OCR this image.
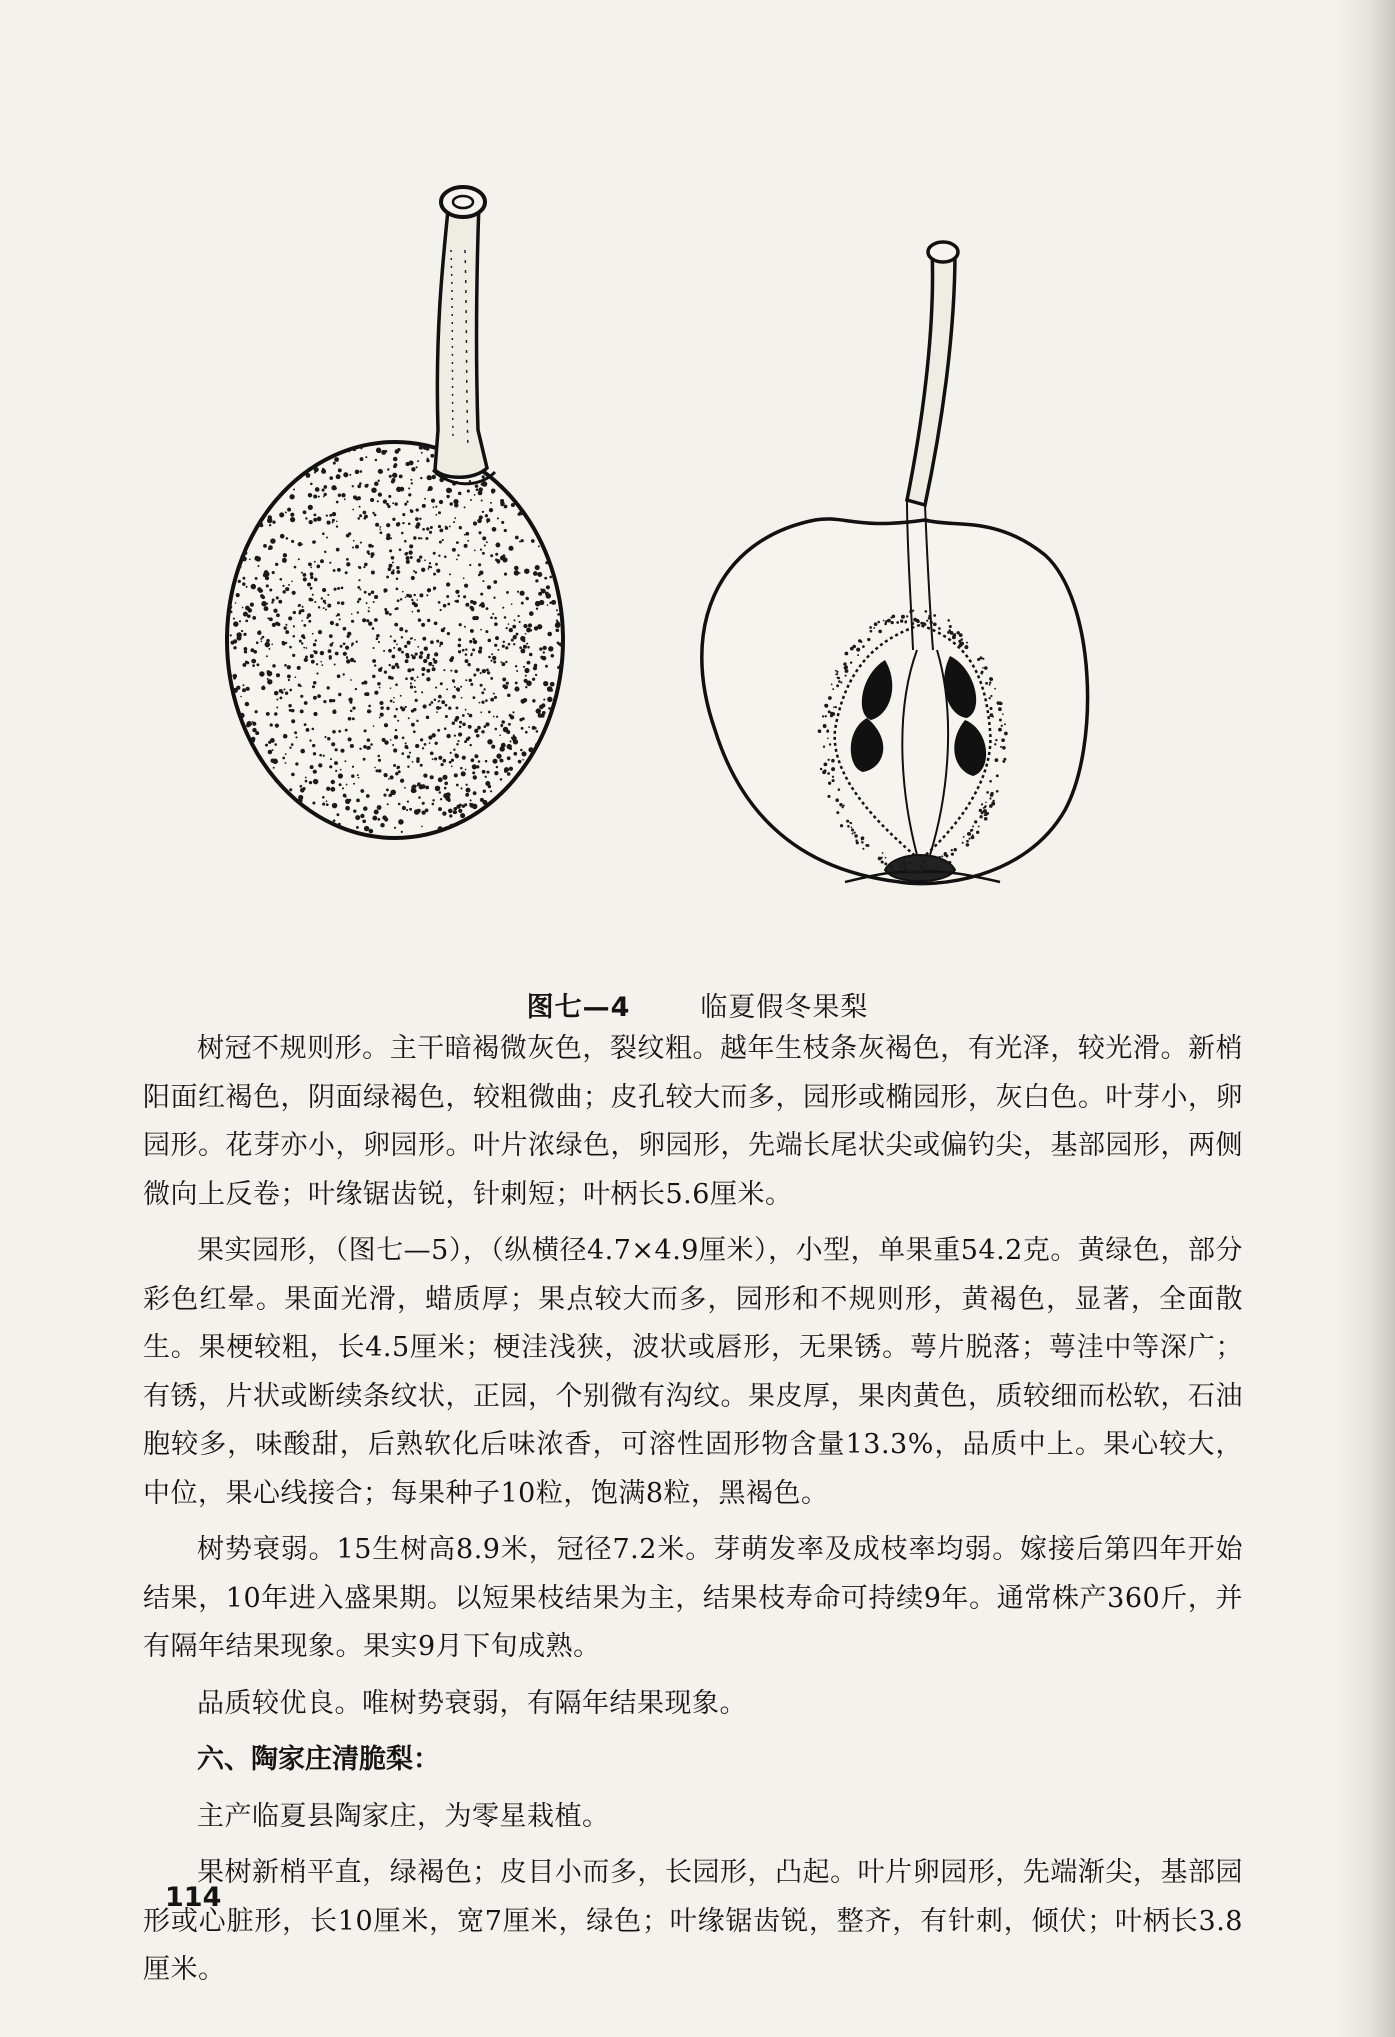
图七—4	临夏假冬果梨

树冠不规则形。主干暗褐微灰色，裂纹粗。越年生枝条灰褐色，有光泽，较光滑。新梢阳面红褐色，阴面绿褐色，较粗微曲；皮孔较大而多，园形或椭园形，灰白色。叶芽小，卵园形。花芽亦小，卵园形。叶片浓绿色，卵园形，先端长尾状尖或偏钓尖，基部园形，两侧微向上反卷；叶缘锯齿锐，针刺短；叶柄长5.6厘米。

果实园形，（图七—5），（纵横径4.7×4.9厘米），小型，单果重54.2克。黄绿色，部分彩色红晕。果面光滑，蜡质厚；果点较大而多，园形和不规则形，黄褐色，显著，全面散生。果梗较粗，长4.5厘米；梗洼浅狭，波状或唇形，无果锈。萼片脱落；萼洼中等深广；有锈，片状或断续条纹状，正园，个别微有沟纹。果皮厚，果肉黄色，质较细而松软，石油胞较多，味酸甜，后熟软化后味浓香，可溶性固形物含量13.3%，品质中上。果心较大，中位，果心线接合；每果种子10粒，饱满8粒，黑褐色。

树势衰弱。15生树高8.9米，冠径7.2米。芽萌发率及成枝率均弱。嫁接后第四年开始结果，10年进入盛果期。以短果枝结果为主，结果枝寿命可持续9年。通常株产360斤，并有隔年结果现象。果实9月下旬成熟。

品质较优良。唯树势衰弱，有隔年结果现象。

六、陶家庄清脆梨：

主产临夏县陶家庄，为零星栽植。

果树新梢平直，绿褐色；皮目小而多，长园形，凸起。叶片卵园形，先端渐尖，基部园形或心脏形，长10厘米，宽7厘米，绿色；叶缘锯齿锐，整齐，有针刺，倾伏；叶柄长3.8厘米。

114
